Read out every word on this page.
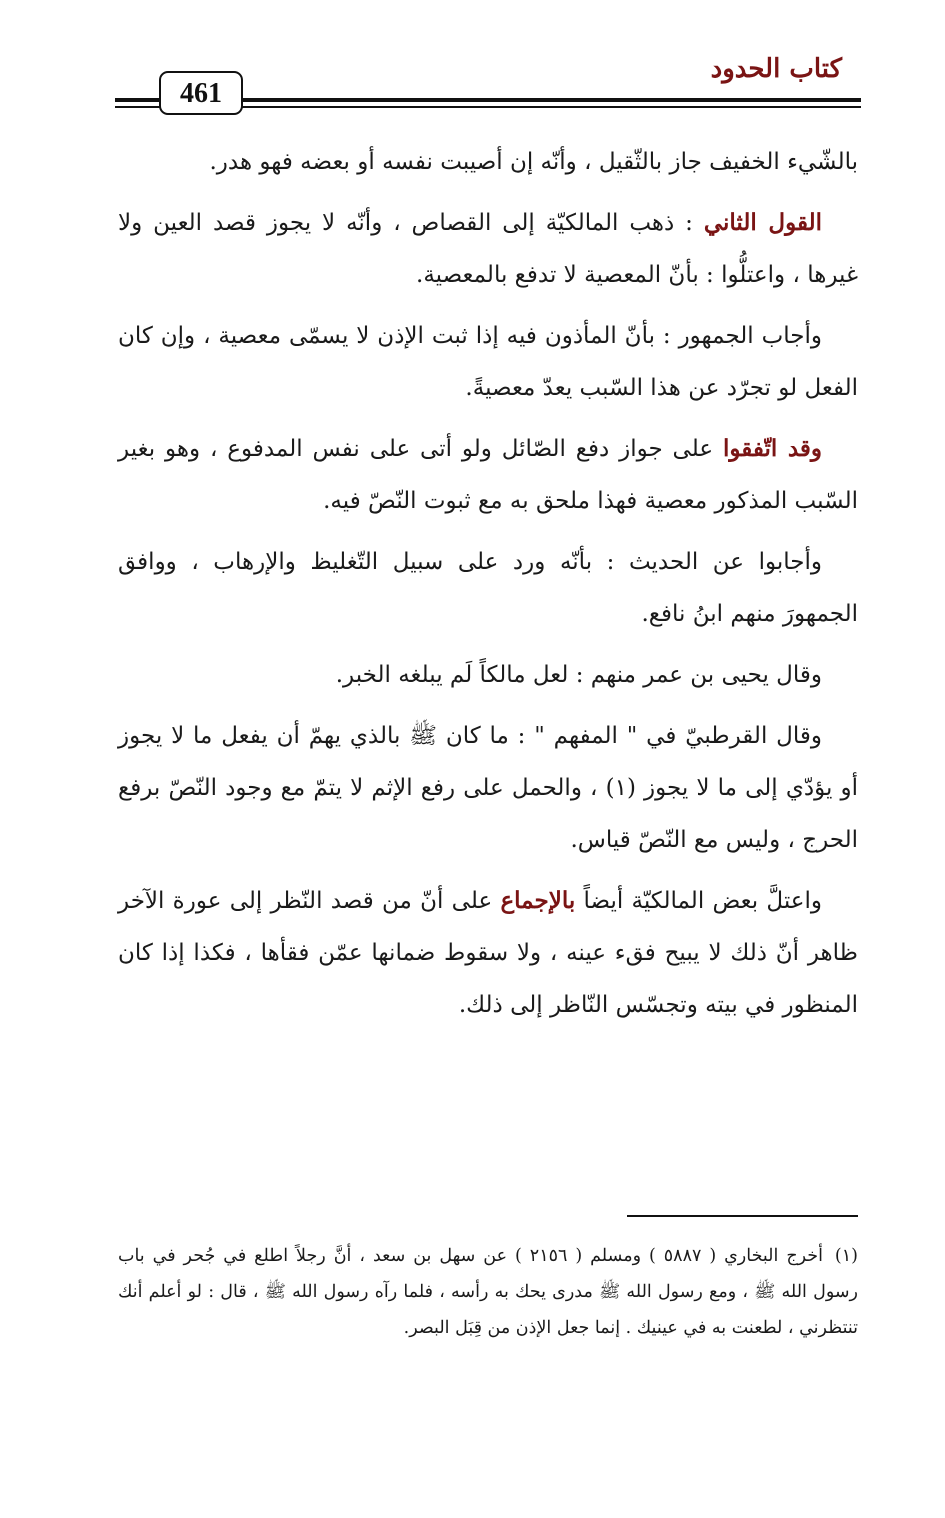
كتاب الحدود
461

بالشّيء الخفيف جاز بالثّقيل ، وأنّه إن أصيبت نفسه أو بعضه فهو هدر.

القول الثاني : ذهب المالكيّة إلى القصاص ، وأنّه لا يجوز قصد العين ولا غيرها ، واعتلُّوا : بأنّ المعصية لا تدفع بالمعصية.

وأجاب الجمهور : بأنّ المأذون فيه إذا ثبت الإذن لا يسمّى معصية ، وإن كان الفعل لو تجرّد عن هذا السّبب يعدّ معصيةً.

وقد اتّفقوا على جواز دفع الصّائل ولو أتى على نفس المدفوع ، وهو بغير السّبب المذكور معصية فهذا ملحق به مع ثبوت النّصّ فيه.

وأجابوا عن الحديث : بأنّه ورد على سبيل التّغليظ والإرهاب ، ووافق الجمهورَ منهم ابنُ نافع.

وقال يحيى بن عمر منهم : لعل مالكاً لَم يبلغه الخبر.

وقال القرطبيّ في " المفهم " : ما كان ﷺ بالذي يهمّ أن يفعل ما لا يجوز أو يؤدّي إلى ما لا يجوز (١) ، والحمل على رفع الإثم لا يتمّ مع وجود النّصّ برفع الحرج ، وليس مع النّصّ قياس.

واعتلَّ بعض المالكيّة أيضاً بالإجماع على أنّ من قصد النّظر إلى عورة الآخر ظاهر أنّ ذلك لا يبيح فقء عينه ، ولا سقوط ضمانها عمّن فقأها ، فكذا إذا كان المنظور في بيته وتجسّس النّاظر إلى ذلك.

(١) أخرج البخاري ( ٥٨٨٧ ) ومسلم ( ٢١٥٦ ) عن سهل بن سعد ، أنَّ رجلاً اطلع في جُحر في باب رسول الله ﷺ ، ومع رسول الله ﷺ مدرى يحك به رأسه ، فلما رآه رسول الله ﷺ ، قال : لو أعلم أنك تنتظرني ، لطعنت به في عينيك . إنما جعل الإذن من قِبَل البصر.
